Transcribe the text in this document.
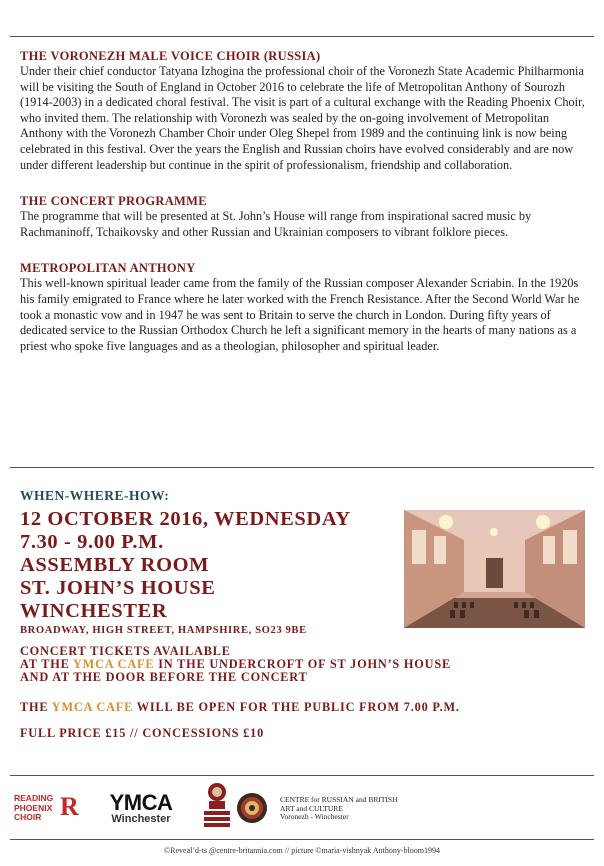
THE VORONEZH MALE VOICE CHOIR (RUSSIA)

Under their chief conductor Tatyana Izhogina the professional choir of the Voronezh State Academic Philharmonia will be visiting the South of England in October 2016 to celebrate the life of Metropolitan Anthony of Sourozh (1914-2003) in a dedicated choral festival. The visit is part of a cultural exchange with the Reading Phoenix Choir, who invited them. The relationship with Voronezh was sealed by the on-going involvement of Metropolitan Anthony with the Voronezh Chamber Choir under Oleg Shepel from 1989 and the continuing link is now being celebrated in this festival. Over the years the English and Russian choirs have evolved considerably and are now under different leadership but continue in the spirit of professionalism, friendship and collaboration.

THE CONCERT PROGRAMME

The programme that will be presented at St. John’s House will range from inspirational sacred music by Rachmaninoff, Tchaikovsky and other Russian and Ukrainian composers to vibrant folklore pieces.

METROPOLITAN ANTHONY

This well-known spiritual leader came from the family of the Russian composer Alexander Scriabin. In the 1920s his family emigrated to France where he later worked with the French Resistance. After the Second World War he took a monastic vow and in 1947 he was sent to Britain to serve the church in London. During fifty years of dedicated service to the Russian Orthodox Church he left a significant memory in the hearts of many nations as a priest who spoke five languages and as a theologian, philosopher and spiritual leader.

WHEN-WHERE-HOW:
12 OCTOBER 2016, WEDNESDAY
7.30 - 9.00 P.M.
ASSEMBLY ROOM
ST. JOHN’S HOUSE
WINCHESTER
BROADWAY, HIGH STREET, HAMPSHIRE, SO23 9BE
CONCERT TICKETS AVAILABLE
AT THE YMCA CAFE IN THE UNDERCROFT OF ST JOHN’S HOUSE
AND AT THE DOOR BEFORE THE CONCERT
THE YMCA CAFE WILL BE OPEN FOR THE PUBLIC FROM 7.00 P.M.
FULL PRICE £15 // CONCESSIONS £10
READING
PHOENIX
CHOIR R	YMCA
Winchester
CENTRE for RUSSIAN and BRITISH
ART and CULTURE
Voronezh - Winchester
©Reveal’d-ts @centre-britannia.com // picture ©maria-vishnyak Anthony-bloom1994
